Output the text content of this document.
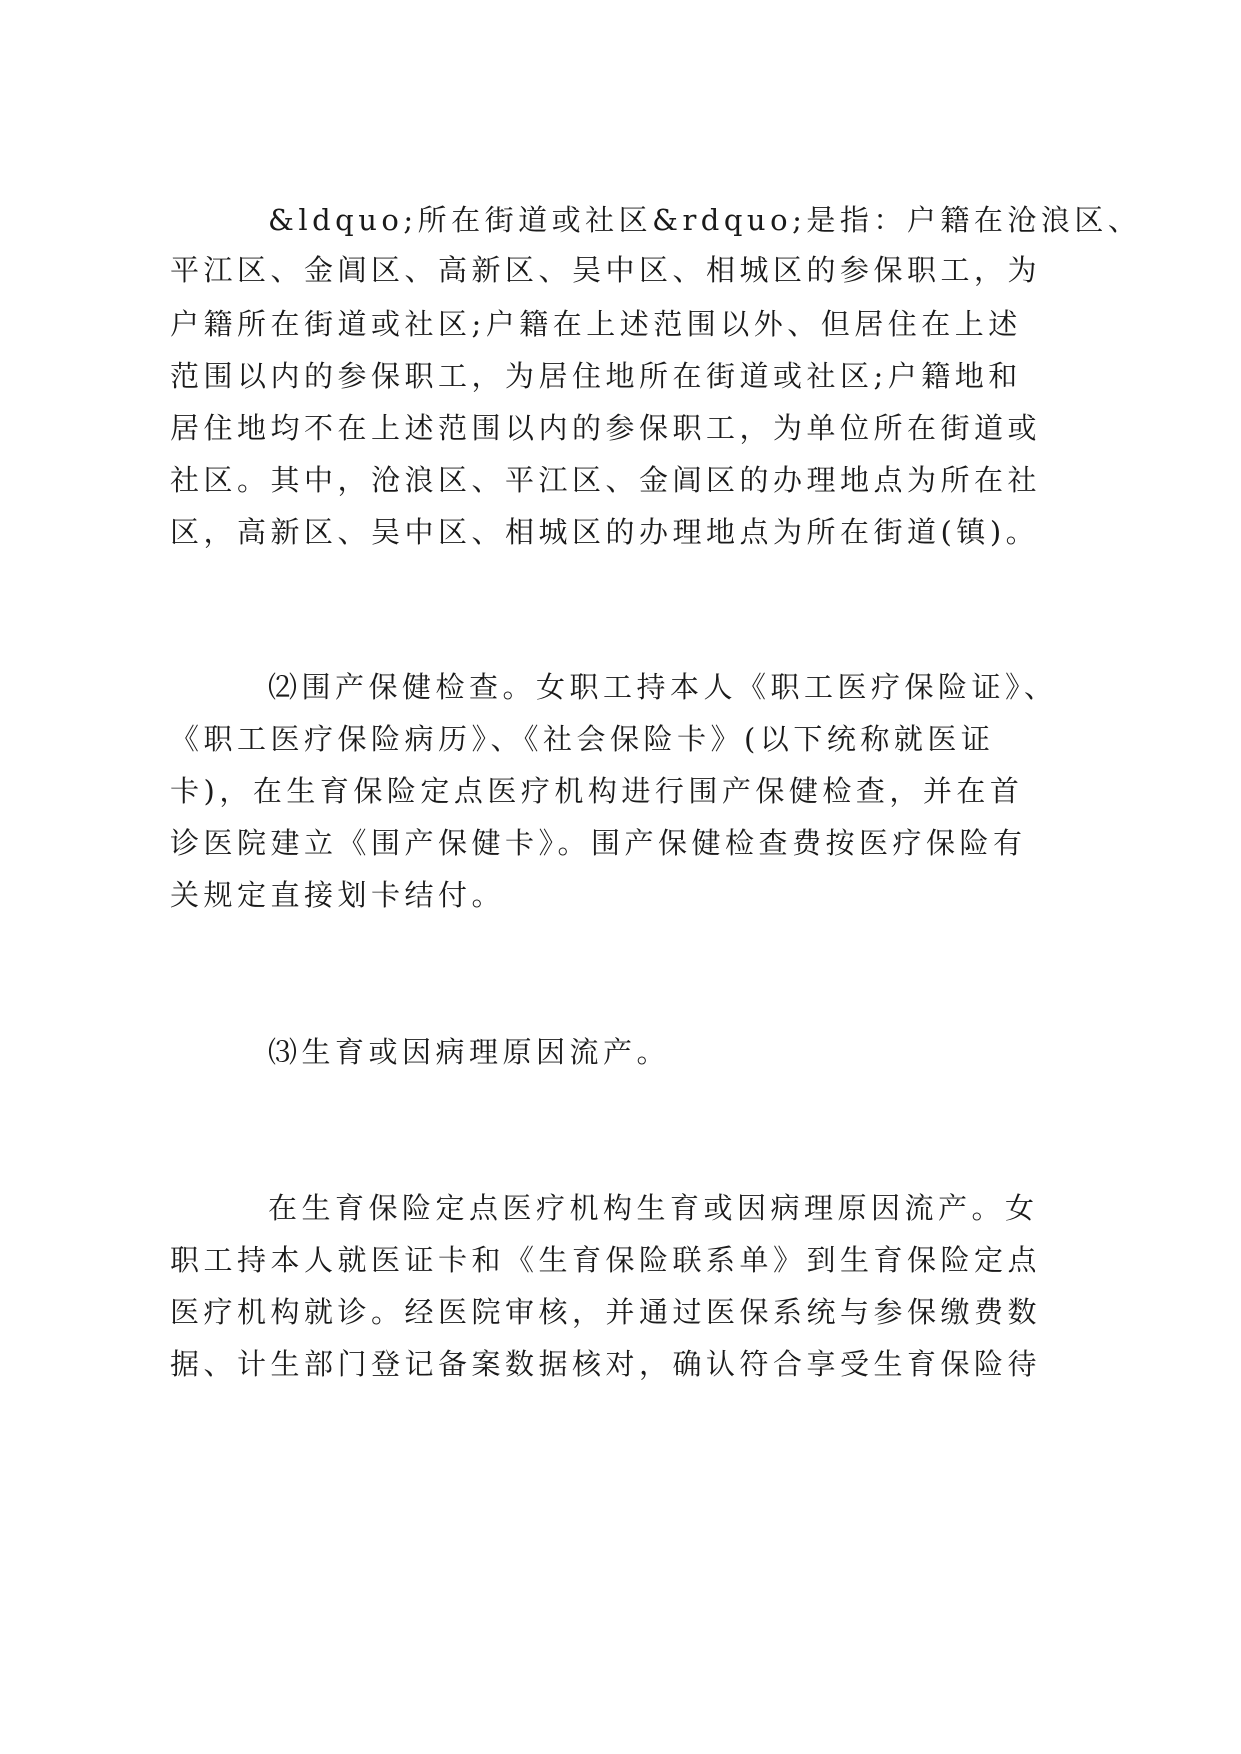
&ldquo;所在街道或社区&rdquo;是指：户籍在沧浪区、
平江区、金阊区、高新区、吴中区、相城区的参保职工，为
户籍所在街道或社区;户籍在上述范围以外、但居住在上述
范围以内的参保职工，为居住地所在街道或社区;户籍地和
居住地均不在上述范围以内的参保职工，为单位所在街道或
社区。其中，沧浪区、平江区、金阊区的办理地点为所在社
区，高新区、吴中区、相城区的办理地点为所在街道(镇)。
⑵围产保健检查。女职工持本人《职工医疗保险证》、
《职工医疗保险病历》、《社会保险卡》(以下统称就医证
卡)，在生育保险定点医疗机构进行围产保健检查，并在首
诊医院建立《围产保健卡》。围产保健检查费按医疗保险有
关规定直接划卡结付。
⑶生育或因病理原因流产。
在生育保险定点医疗机构生育或因病理原因流产。女
职工持本人就医证卡和《生育保险联系单》到生育保险定点
医疗机构就诊。经医院审核，并通过医保系统与参保缴费数
据、计生部门登记备案数据核对，确认符合享受生育保险待
